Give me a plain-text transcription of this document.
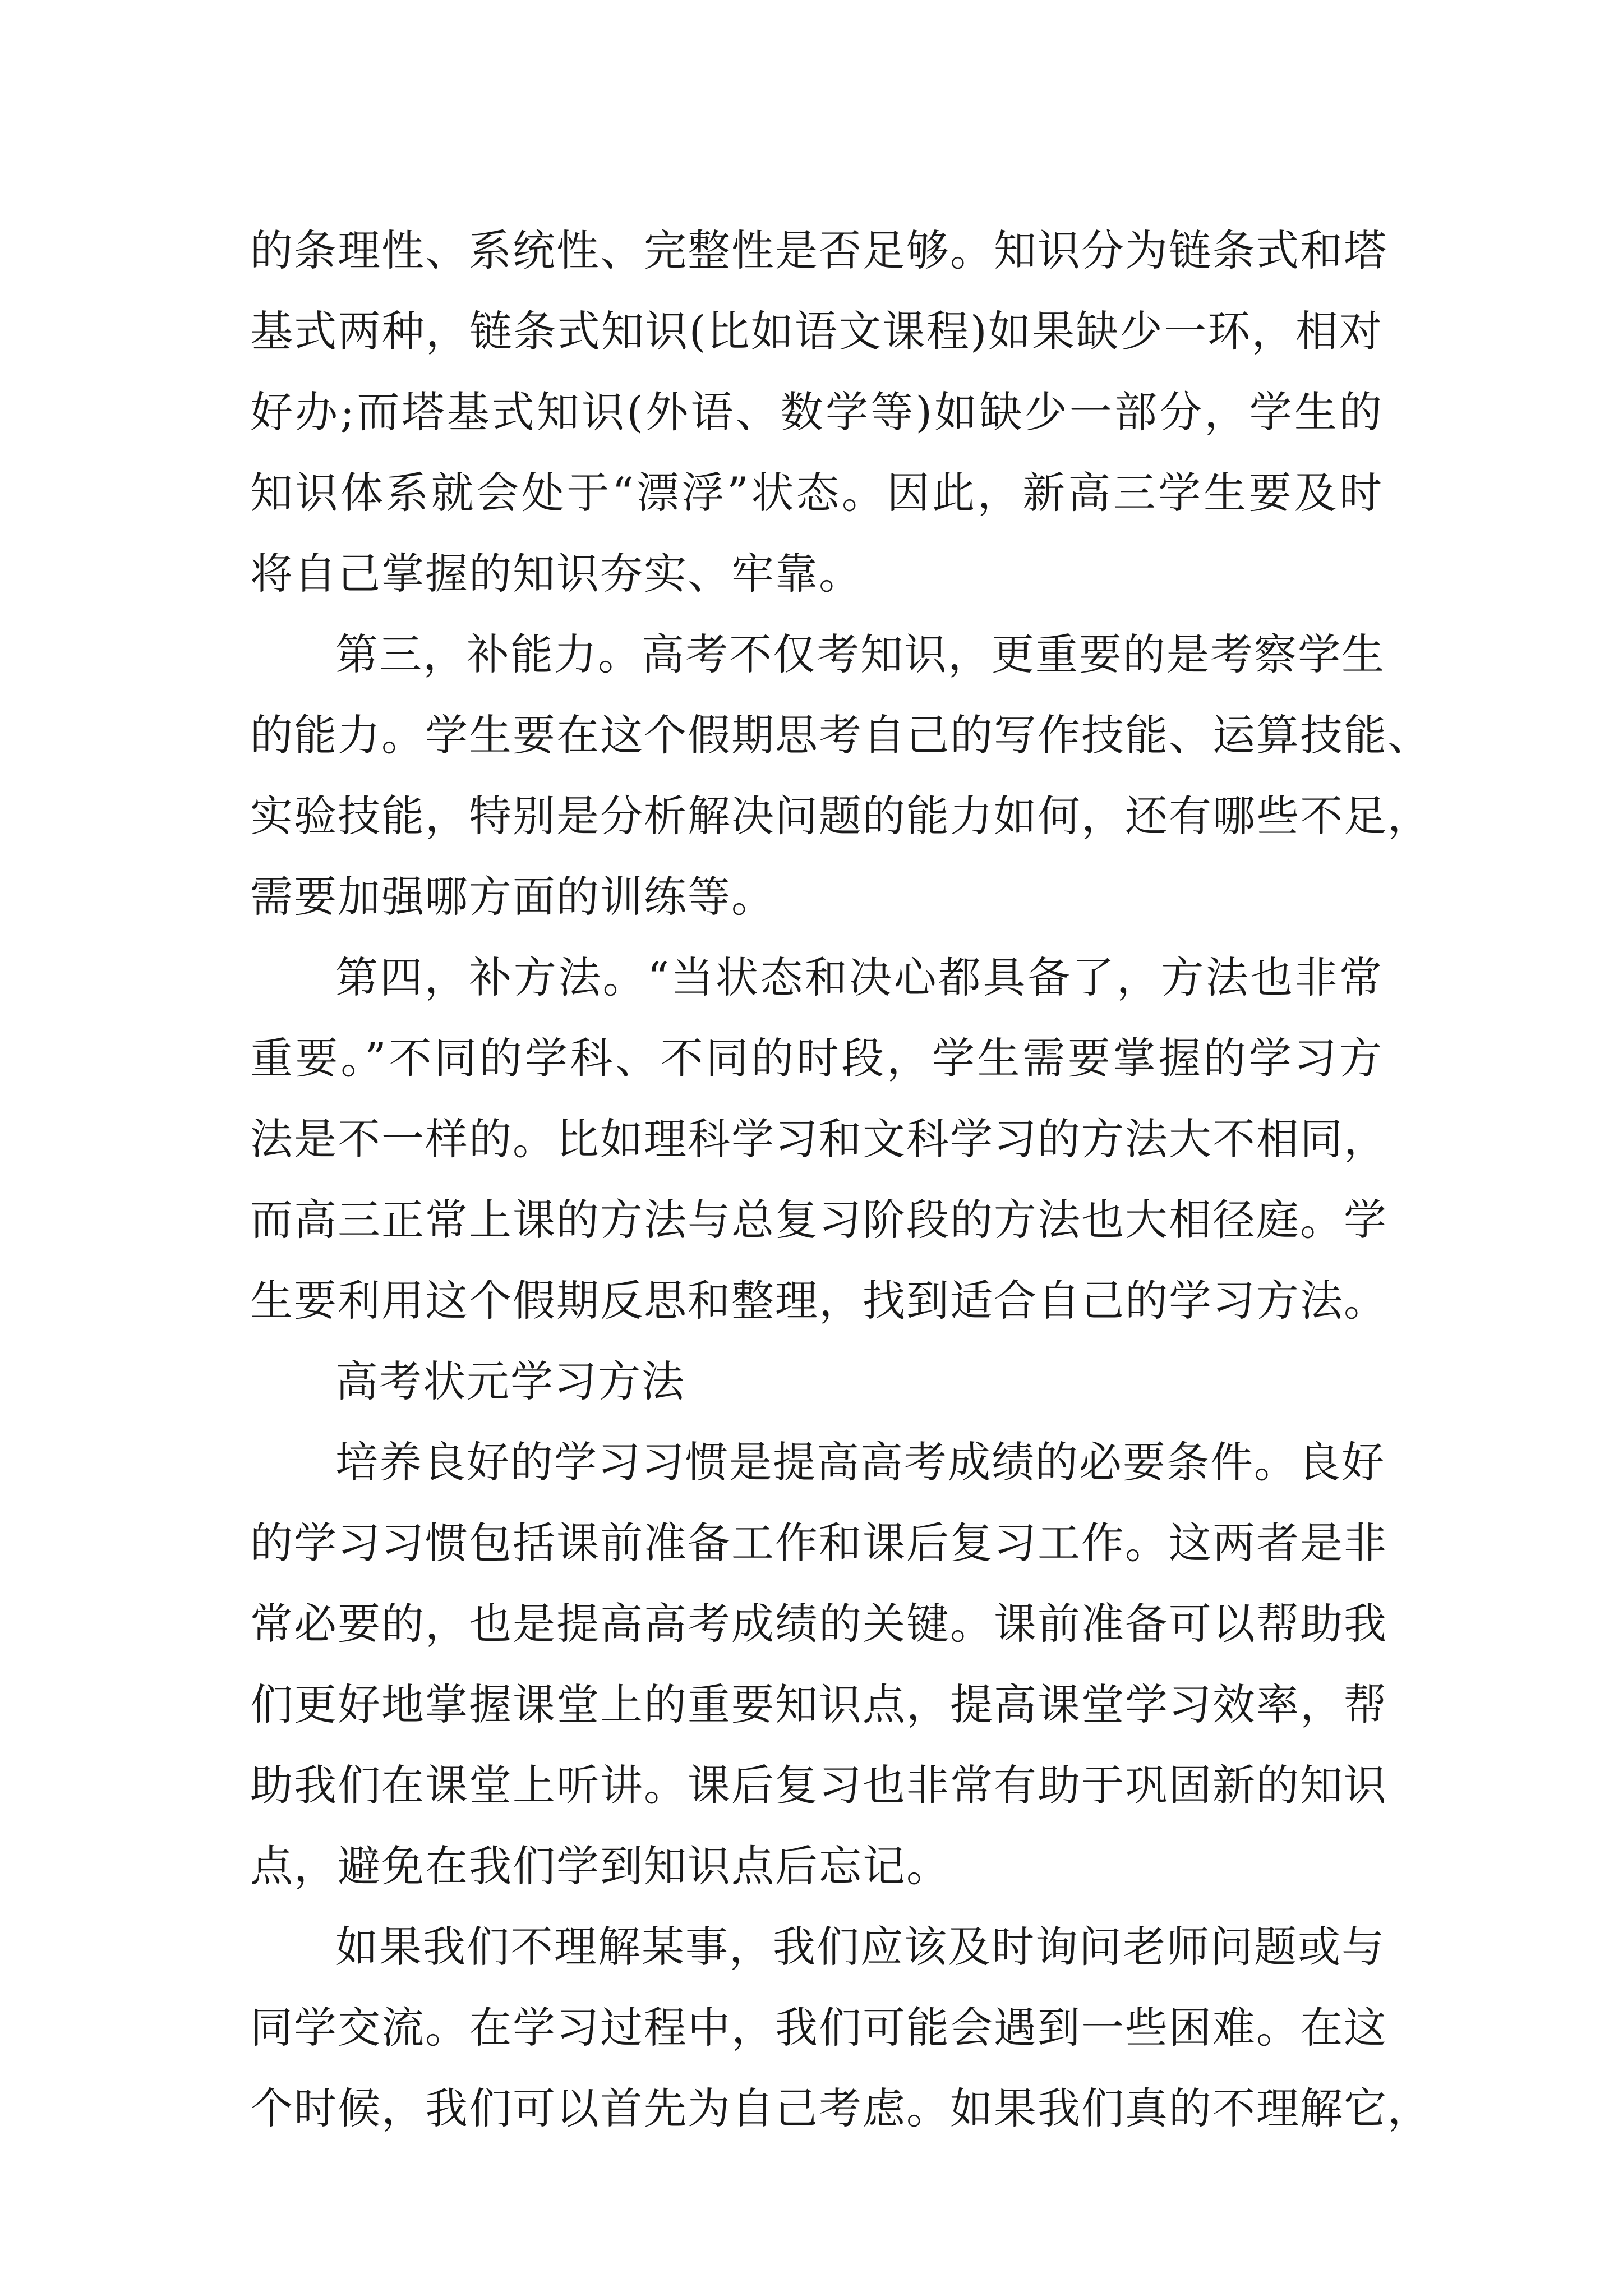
的条理性、系统性、完整性是否足够。知识分为链条式和塔
基式两种，链条式知识(比如语文课程)如果缺少一环，相对
好办;而塔基式知识(外语、数学等)如缺少一部分，学生的
知识体系就会处于“漂浮”状态。因此，新高三学生要及时
将自己掌握的知识夯实、牢靠。
第三，补能力。高考不仅考知识，更重要的是考察学生
的能力。学生要在这个假期思考自己的写作技能、运算技能、
实验技能，特别是分析解决问题的能力如何，还有哪些不足，
需要加强哪方面的训练等。
第四，补方法。“当状态和决心都具备了，方法也非常
重要。”不同的学科、不同的时段，学生需要掌握的学习方
法是不一样的。比如理科学习和文科学习的方法大不相同，
而高三正常上课的方法与总复习阶段的方法也大相径庭。学
生要利用这个假期反思和整理，找到适合自己的学习方法。
高考状元学习方法
培养良好的学习习惯是提高高考成绩的必要条件。良好
的学习习惯包括课前准备工作和课后复习工作。这两者是非
常必要的，也是提高高考成绩的关键。课前准备可以帮助我
们更好地掌握课堂上的重要知识点，提高课堂学习效率，帮
助我们在课堂上听讲。课后复习也非常有助于巩固新的知识
点，避免在我们学到知识点后忘记。
如果我们不理解某事，我们应该及时询问老师问题或与
同学交流。在学习过程中，我们可能会遇到一些困难。在这
个时候，我们可以首先为自己考虑。如果我们真的不理解它，
